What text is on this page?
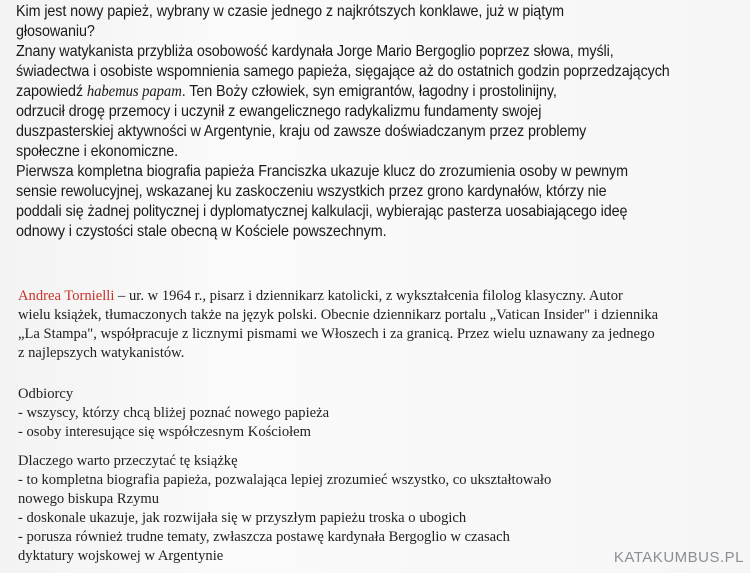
Kim jest nowy papież, wybrany w czasie jednego z najkrótszych konklawe, już w piątym
głosowaniu?
Znany watykanista przybliża osobowość kardynała Jorge Mario Bergoglio poprzez słowa, myśli,
świadectwa i osobiste wspomnienia samego papieża, sięgające aż do ostatnich godzin poprzedzających
zapowiedź habemus papam. Ten Boży człowiek, syn emigrantów, łagodny i prostolinijny,
odrzucił drogę przemocy i uczynił z ewangelicznego radykalizmu fundamenty swojej
duszpasterskiej aktywności w Argentynie, kraju od zawsze doświadczanym przez problemy
społeczne i ekonomiczne.
Pierwsza kompletna biografia papieża Franciszka ukazuje klucz do zrozumienia osoby w pewnym
sensie rewolucyjnej, wskazanej ku zaskoczeniu wszystkich przez grono kardynałów, którzy nie
poddali się żadnej politycznej i dyplomatycznej kalkulacji, wybierając pasterza uosabiającego ideę
odnowy i czystości stale obecną w Kościele powszechnym.
Andrea Tornielli – ur. w 1964 r., pisarz i dziennikarz katolicki, z wykształcenia filolog klasyczny. Autor
wielu książek, tłumaczonych także na język polski. Obecnie dziennikarz portalu „Vatican Insider" i dziennika
„La Stampa", współpracuje z licznymi pismami we Włoszech i za granicą. Przez wielu uznawany za jednego
z najlepszych watykanistów.
Odbiorcy
- wszyscy, którzy chcą bliżej poznać nowego papieża
- osoby interesujące się współczesnym Kościołem
Dlaczego warto przeczytać tę książkę
- to kompletna biografia papieża, pozwalająca lepiej zrozumieć wszystko, co ukształtowało
nowego biskupa Rzymu
- doskonale ukazuje, jak rozwijała się w przyszłym papieżu troska o ubogich
- porusza również trudne tematy, zwłaszcza postawę kardynała Bergoglio w czasach
dyktatury wojskowej w Argentynie	KATAKUMBUS.PL
